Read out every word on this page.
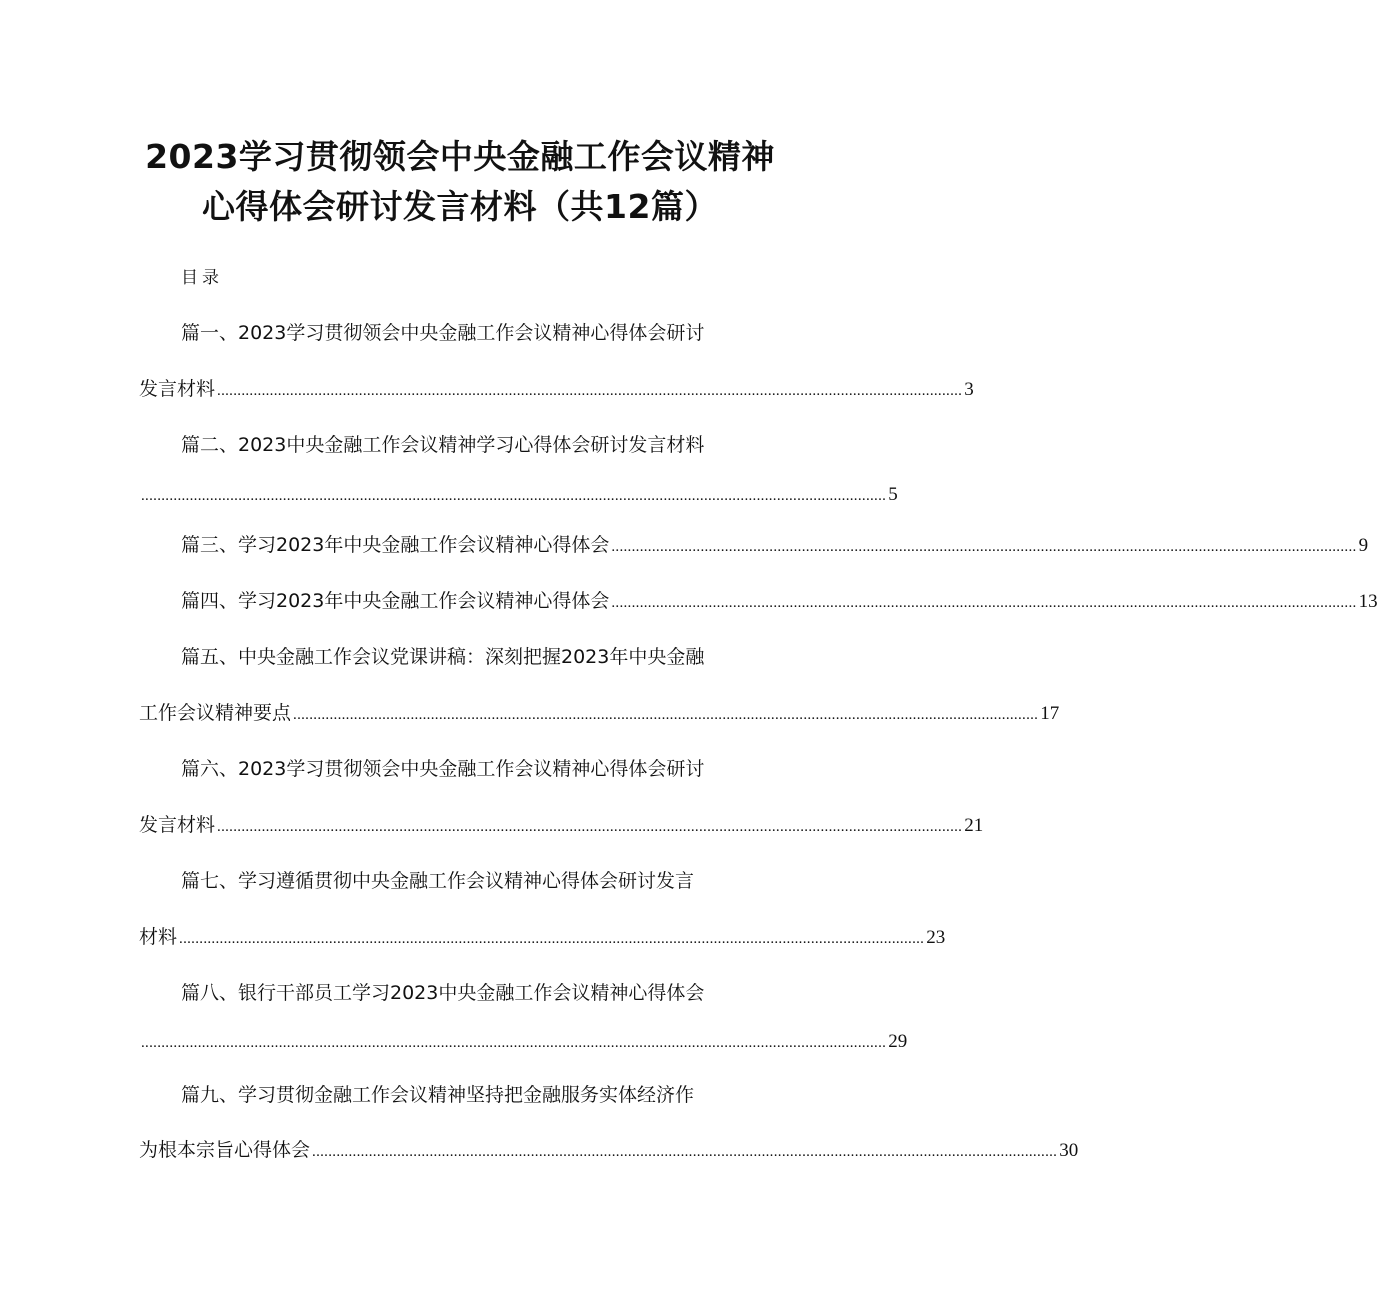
2023学习贯彻领会中央金融工作会议精神
心得体会研讨发言材料（共12篇）
目录
篇一、2023学习贯彻领会中央金融工作会议精神心得体会研讨
发言材料 ........................................................................................................................................................................................ 3
篇二、2023中央金融工作会议精神学习心得体会研讨发言材料
........................................................................................................................................................................................ 5
篇三、学习2023年中央金融工作会议精神心得体会 ........................................................................................................................................................................................ 9
篇四、学习2023年中央金融工作会议精神心得体会 ........................................................................................................................................................................................ 13
篇五、中央金融工作会议党课讲稿：深刻把握2023年中央金融
工作会议精神要点 ........................................................................................................................................................................................ 17
篇六、2023学习贯彻领会中央金融工作会议精神心得体会研讨
发言材料 ........................................................................................................................................................................................ 21
篇七、学习遵循贯彻中央金融工作会议精神心得体会研讨发言
材料 ........................................................................................................................................................................................ 23
篇八、银行干部员工学习2023中央金融工作会议精神心得体会
........................................................................................................................................................................................ 29
篇九、学习贯彻金融工作会议精神坚持把金融服务实体经济作
为根本宗旨心得体会 ........................................................................................................................................................................................ 30
